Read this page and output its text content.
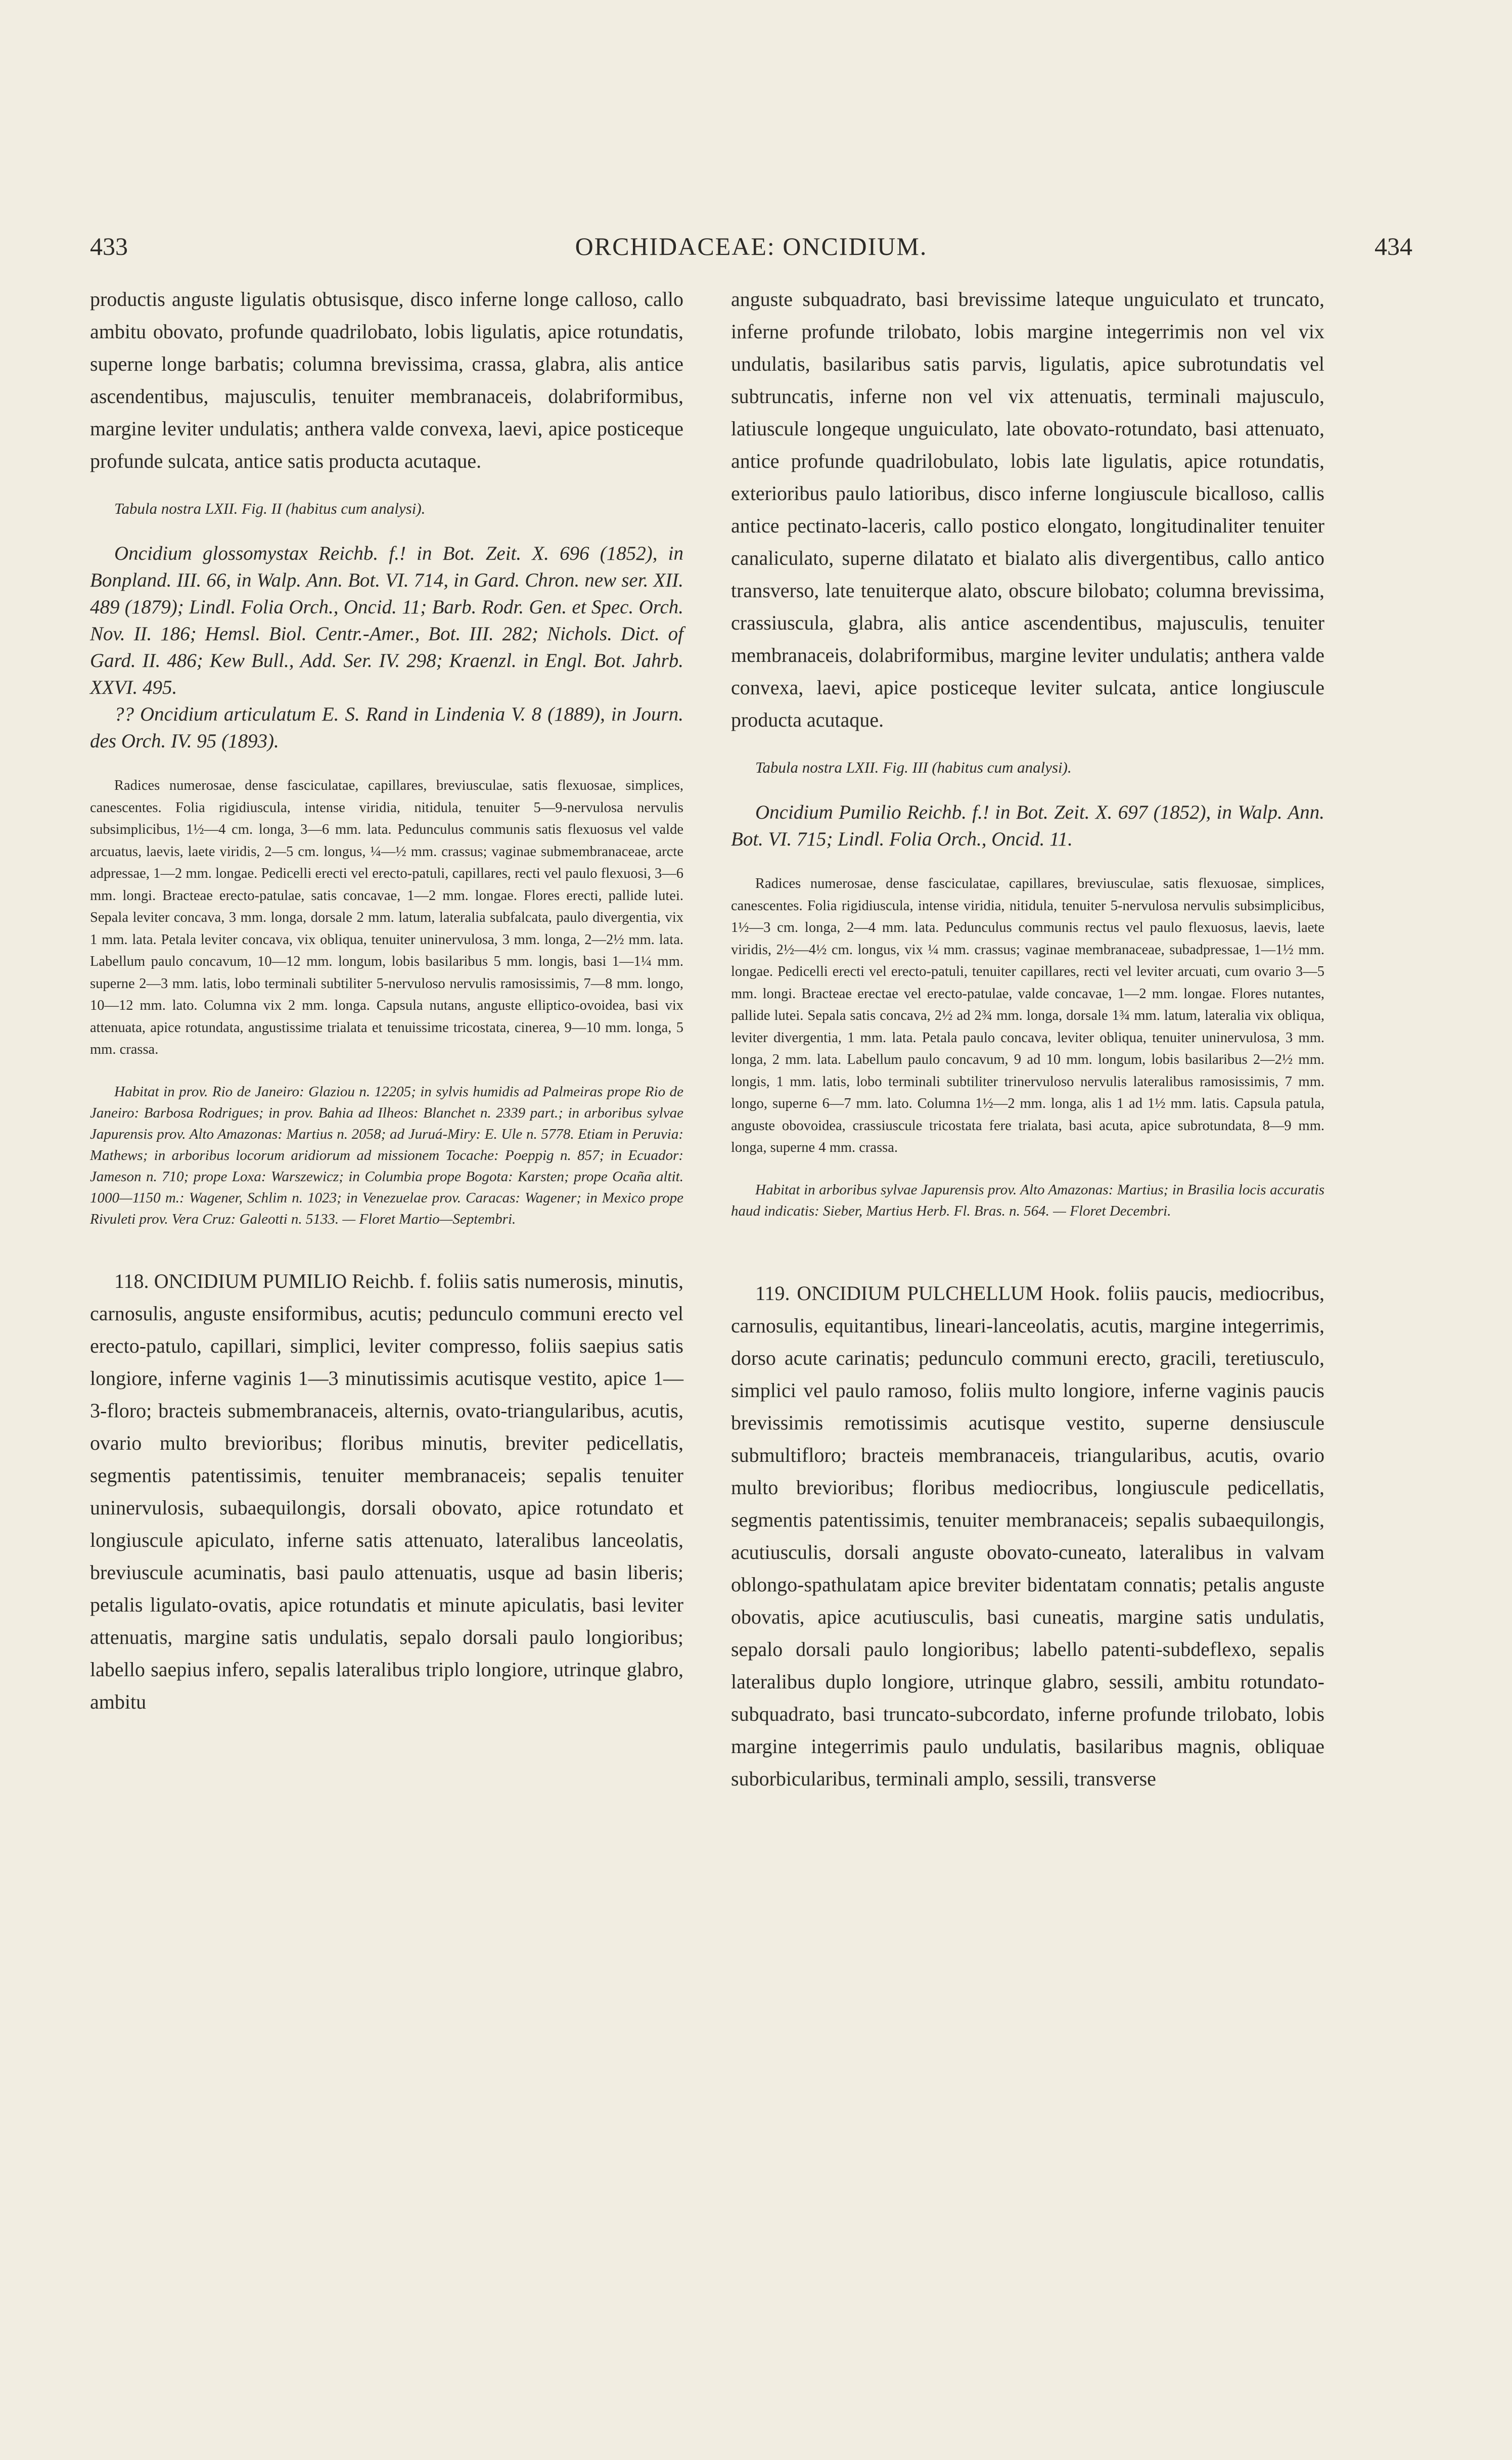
433	ORCHIDACEAE: ONCIDIUM.	434

productis anguste ligulatis obtusisque, disco inferne longe calloso, callo ambitu obovato, profunde quadrilobato, lobis ligulatis, apice rotundatis, superne longe barbatis; columna brevissima, crassa, glabra, alis antice ascendentibus, majusculis, tenuiter membranaceis, dolabriformibus, margine leviter undulatis; anthera valde convexa, laevi, apice posticeque profunde sulcata, antice satis producta acutaque.

Tabula nostra LXII. Fig. II (habitus cum analysi).

Oncidium glossomystax Reichb. f.! in Bot. Zeit. X. 696 (1852), in Bonpland. III. 66, in Walp. Ann. Bot. VI. 714, in Gard. Chron. new ser. XII. 489 (1879); Lindl. Folia Orch., Oncid. 11; Barb. Rodr. Gen. et Spec. Orch. Nov. II. 186; Hemsl. Biol. Centr.-Amer., Bot. III. 282; Nichols. Dict. of Gard. II. 486; Kew Bull., Add. Ser. IV. 298; Kraenzl. in Engl. Bot. Jahrb. XXVI. 495.

?? Oncidium articulatum E. S. Rand in Lindenia V. 8 (1889), in Journ. des Orch. IV. 95 (1893).

Radices numerosae, dense fasciculatae, capillares, breviusculae, satis flexuosae, simplices, canescentes. Folia rigidiuscula, intense viridia, nitidula, tenuiter 5—9-nervulosa nervulis subsimplicibus, 1½—4 cm. longa, 3—6 mm. lata. Pedunculus communis satis flexuosus vel valde arcuatus, laevis, laete viridis, 2—5 cm. longus, ¼—½ mm. crassus; vaginae submembranaceae, arcte adpressae, 1—2 mm. longae. Pedicelli erecti vel erecto-patuli, capillares, recti vel paulo flexuosi, 3—6 mm. longi. Bracteae erecto-patulae, satis concavae, 1—2 mm. longae. Flores erecti, pallide lutei. Sepala leviter concava, 3 mm. longa, dorsale 2 mm. latum, lateralia subfalcata, paulo divergentia, vix 1 mm. lata. Petala leviter concava, vix obliqua, tenuiter uninervulosa, 3 mm. longa, 2—2½ mm. lata. Labellum paulo concavum, 10—12 mm. longum, lobis basilaribus 5 mm. longis, basi 1—1¼ mm. superne 2—3 mm. latis, lobo terminali subtiliter 5-nervuloso nervulis ramosissimis, 7—8 mm. longo, 10—12 mm. lato. Columna vix 2 mm. longa. Capsula nutans, anguste elliptico-ovoidea, basi vix attenuata, apice rotundata, angustissime trialata et tenuissime tricostata, cinerea, 9—10 mm. longa, 5 mm. crassa.

Habitat in prov. Rio de Janeiro: Glaziou n. 12205; in sylvis humidis ad Palmeiras prope Rio de Janeiro: Barbosa Rodrigues; in prov. Bahia ad Ilheos: Blanchet n. 2339 part.; in arboribus sylvae Japurensis prov. Alto Amazonas: Martius n. 2058; ad Juruá-Miry: E. Ule n. 5778. Etiam in Peruvia: Mathews; in arboribus locorum aridiorum ad missionem Tocache: Poeppig n. 857; in Ecuador: Jameson n. 710; prope Loxa: Warszewicz; in Columbia prope Bogota: Karsten; prope Ocaña altit. 1000—1150 m.: Wagener, Schlim n. 1023; in Venezuelae prov. Caracas: Wagener; in Mexico prope Rivuleti prov. Vera Cruz: Galeotti n. 5133. — Floret Martio—Septembri.

118. ONCIDIUM PUMILIO Reichb. f. foliis satis numerosis, minutis, carnosulis, anguste ensiformibus, acutis; pedunculo communi erecto vel erecto-patulo, capillari, simplici, leviter compresso, foliis saepius satis longiore, inferne vaginis 1—3 minutissimis acutisque vestito, apice 1—3-floro; bracteis submembranaceis, alternis, ovato-triangularibus, acutis, ovario multo brevioribus; floribus minutis, breviter pedicellatis, segmentis patentissimis, tenuiter membranaceis; sepalis tenuiter uninervulosis, subaequilongis, dorsali obovato, apice rotundato et longiuscule apiculato, inferne satis attenuato, lateralibus lanceolatis, breviuscule acuminatis, basi paulo attenuatis, usque ad basin liberis; petalis ligulato-ovatis, apice rotundatis et minute apiculatis, basi leviter attenuatis, margine satis undulatis, sepalo dorsali paulo longioribus; labello saepius infero, sepalis lateralibus triplo longiore, utrinque glabro, ambitu

anguste subquadrato, basi brevissime lateque unguiculato et truncato, inferne profunde trilobato, lobis margine integerrimis non vel vix undulatis, basilaribus satis parvis, ligulatis, apice subrotundatis vel subtruncatis, inferne non vel vix attenuatis, terminali majusculo, latiuscule longeque unguiculato, late obovato-rotundato, basi attenuato, antice profunde quadrilobulato, lobis late ligulatis, apice rotundatis, exterioribus paulo latioribus, disco inferne longiuscule bicalloso, callis antice pectinato-laceris, callo postico elongato, longitudinaliter tenuiter canaliculato, superne dilatato et bialato alis divergentibus, callo antico transverso, late tenuiterque alato, obscure bilobato; columna brevissima, crassiuscula, glabra, alis antice ascendentibus, majusculis, tenuiter membranaceis, dolabriformibus, margine leviter undulatis; anthera valde convexa, laevi, apice posticeque leviter sulcata, antice longiuscule producta acutaque.

Tabula nostra LXII. Fig. III (habitus cum analysi).

Oncidium Pumilio Reichb. f.! in Bot. Zeit. X. 697 (1852), in Walp. Ann. Bot. VI. 715; Lindl. Folia Orch., Oncid. 11.

Radices numerosae, dense fasciculatae, capillares, breviusculae, satis flexuosae, simplices, canescentes. Folia rigidiuscula, intense viridia, nitidula, tenuiter 5-nervulosa nervulis subsimplicibus, 1½—3 cm. longa, 2—4 mm. lata. Pedunculus communis rectus vel paulo flexuosus, laevis, laete viridis, 2½—4½ cm. longus, vix ¼ mm. crassus; vaginae membranaceae, subadpressae, 1—1½ mm. longae. Pedicelli erecti vel erecto-patuli, tenuiter capillares, recti vel leviter arcuati, cum ovario 3—5 mm. longi. Bracteae erectae vel erecto-patulae, valde concavae, 1—2 mm. longae. Flores nutantes, pallide lutei. Sepala satis concava, 2½ ad 2¾ mm. longa, dorsale 1¾ mm. latum, lateralia vix obliqua, leviter divergentia, 1 mm. lata. Petala paulo concava, leviter obliqua, tenuiter uninervulosa, 3 mm. longa, 2 mm. lata. Labellum paulo concavum, 9 ad 10 mm. longum, lobis basilaribus 2—2½ mm. longis, 1 mm. latis, lobo terminali subtiliter trinervuloso nervulis lateralibus ramosissimis, 7 mm. longo, superne 6—7 mm. lato. Columna 1½—2 mm. longa, alis 1 ad 1½ mm. latis. Capsula patula, anguste obovoidea, crassiuscule tricostata fere trialata, basi acuta, apice subrotundata, 8—9 mm. longa, superne 4 mm. crassa.

Habitat in arboribus sylvae Japurensis prov. Alto Amazonas: Martius; in Brasilia locis accuratis haud indicatis: Sieber, Martius Herb. Fl. Bras. n. 564. — Floret Decembri.

119. ONCIDIUM PULCHELLUM Hook. foliis paucis, mediocribus, carnosulis, equitantibus, lineari-lanceolatis, acutis, margine integerrimis, dorso acute carinatis; pedunculo communi erecto, gracili, teretiusculo, simplici vel paulo ramoso, foliis multo longiore, inferne vaginis paucis brevissimis remotissimis acutisque vestito, superne densiuscule submultifloro; bracteis membranaceis, triangularibus, acutis, ovario multo brevioribus; floribus mediocribus, longiuscule pedicellatis, segmentis patentissimis, tenuiter membranaceis; sepalis subaequilongis, acutiusculis, dorsali anguste obovato-cuneato, lateralibus in valvam oblongo-spathulatam apice breviter bidentatam connatis; petalis anguste obovatis, apice acutiusculis, basi cuneatis, margine satis undulatis, sepalo dorsali paulo longioribus; labello patenti-subdeflexo, sepalis lateralibus duplo longiore, utrinque glabro, sessili, ambitu rotundato-subquadrato, basi truncato-subcordato, inferne profunde trilobato, lobis margine integerrimis paulo undulatis, basilaribus magnis, obliquae suborbicularibus, terminali amplo, sessili, transverse
